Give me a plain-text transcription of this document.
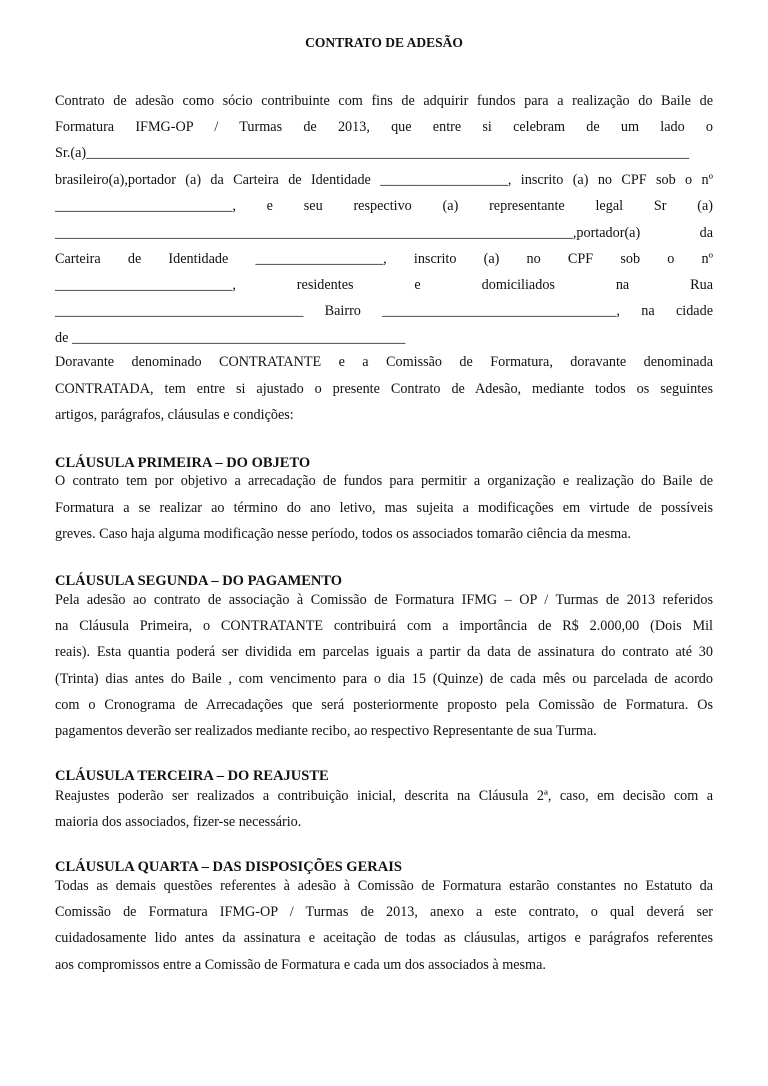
CONTRATO DE ADESÃO
Contrato de adesão como sócio contribuinte com fins de adquirir fundos para a realização do Baile de
Formatura IFMG-OP / Turmas de 2013, que entre si celebram de um lado o
Sr.(a)_____________________________________________________________________________________
brasileiro(a),portador (a) da Carteira de Identidade __________________, inscrito (a) no CPF sob o nº
_________________________, e seu respectivo (a) representante legal Sr (a)
_________________________________________________________________________,portador(a) da
Carteira de Identidade __________________, inscrito (a) no CPF sob o nº
_________________________, residentes e domiciliados na Rua
___________________________________ Bairro _________________________________, na cidade
de _______________________________________________
Doravante denominado CONTRATANTE e a Comissão de Formatura, doravante denominada
CONTRATADA, tem entre si ajustado o presente Contrato de Adesão, mediante todos os seguintes
artigos, parágrafos, cláusulas e condições:
CLÁUSULA PRIMEIRA – DO OBJETO
O contrato tem por objetivo a arrecadação de fundos para permitir a organização e realização do Baile de
Formatura a se realizar ao término do ano letivo, mas sujeita a modificações em virtude de possíveis
greves. Caso haja alguma modificação nesse período, todos os associados tomarão ciência da mesma.
CLÁUSULA SEGUNDA – DO PAGAMENTO
Pela adesão ao contrato de associação à Comissão de Formatura IFMG – OP / Turmas de 2013 referidos
na Cláusula Primeira, o CONTRATANTE contribuirá com a importância de R$ 2.000,00 (Dois Mil
reais). Esta quantia poderá ser dividida em parcelas iguais a partir da data de assinatura do contrato até 30
(Trinta) dias antes do Baile , com vencimento para o dia 15 (Quinze) de cada mês ou parcelada de acordo
com o Cronograma de Arrecadações que será posteriormente proposto pela Comissão de Formatura. Os
pagamentos deverão ser realizados mediante recibo, ao respectivo Representante de sua Turma.
CLÁUSULA TERCEIRA – DO REAJUSTE
Reajustes poderão ser realizados a contribuição inicial, descrita na Cláusula 2ª, caso, em decisão com a
maioria dos associados, fizer-se necessário.
CLÁUSULA QUARTA – DAS DISPOSIÇÕES GERAIS
Todas as demais questões referentes à adesão à Comissão de Formatura estarão constantes no Estatuto da
Comissão de Formatura IFMG-OP / Turmas de 2013, anexo a este contrato, o qual deverá ser
cuidadosamente lido antes da assinatura e aceitação de todas as cláusulas, artigos e parágrafos referentes
aos compromissos entre a Comissão de Formatura e cada um dos associados à mesma.
